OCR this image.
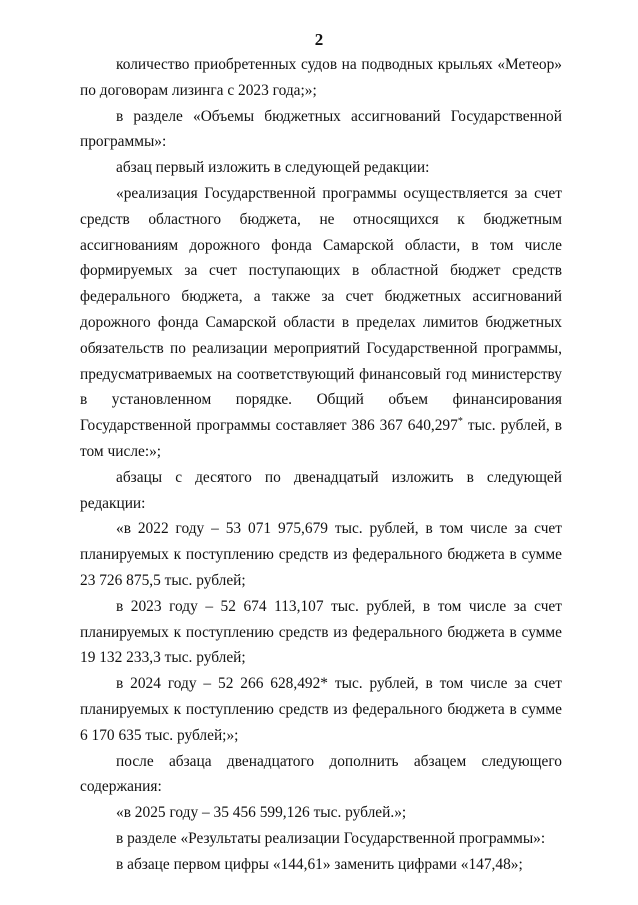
2

количество приобретенных судов на подводных крыльях «Метеор» по договорам лизинга с 2023 года;»;

в разделе «Объемы бюджетных ассигнований Государственной программы»:

абзац первый изложить в следующей редакции:

«реализация Государственной программы осуществляется за счет средств областного бюджета, не относящихся к бюджетным ассигнованиям дорожного фонда Самарской области, в том числе формируемых за счет поступающих в областной бюджет средств федерального бюджета, а также за счет бюджетных ассигнований дорожного фонда Самарской области в пределах лимитов бюджетных обязательств по реализации мероприятий Государственной программы, предусматриваемых на соответствующий финансовый год министерству в установленном порядке. Общий объем финансирования Государственной программы составляет 386 367 640,297* тыс. рублей, в том числе:»;

абзацы с десятого по двенадцатый изложить в следующей редакции:

«в 2022 году – 53 071 975,679 тыс. рублей, в том числе за счет планируемых к поступлению средств из федерального бюджета в сумме 23 726 875,5 тыс. рублей;

в 2023 году – 52 674 113,107 тыс. рублей, в том числе за счет планируемых к поступлению средств из федерального бюджета в сумме 19 132 233,3 тыс. рублей;

в 2024 году – 52 266 628,492* тыс. рублей, в том числе за счет планируемых к поступлению средств из федерального бюджета в сумме 6 170 635 тыс. рублей;»;

после абзаца двенадцатого дополнить абзацем следующего

содержания:

«в 2025 году – 35 456 599,126 тыс. рублей.»;

в разделе «Результаты реализации Государственной программы»:

в абзаце первом цифры «144,61» заменить цифрами «147,48»;
